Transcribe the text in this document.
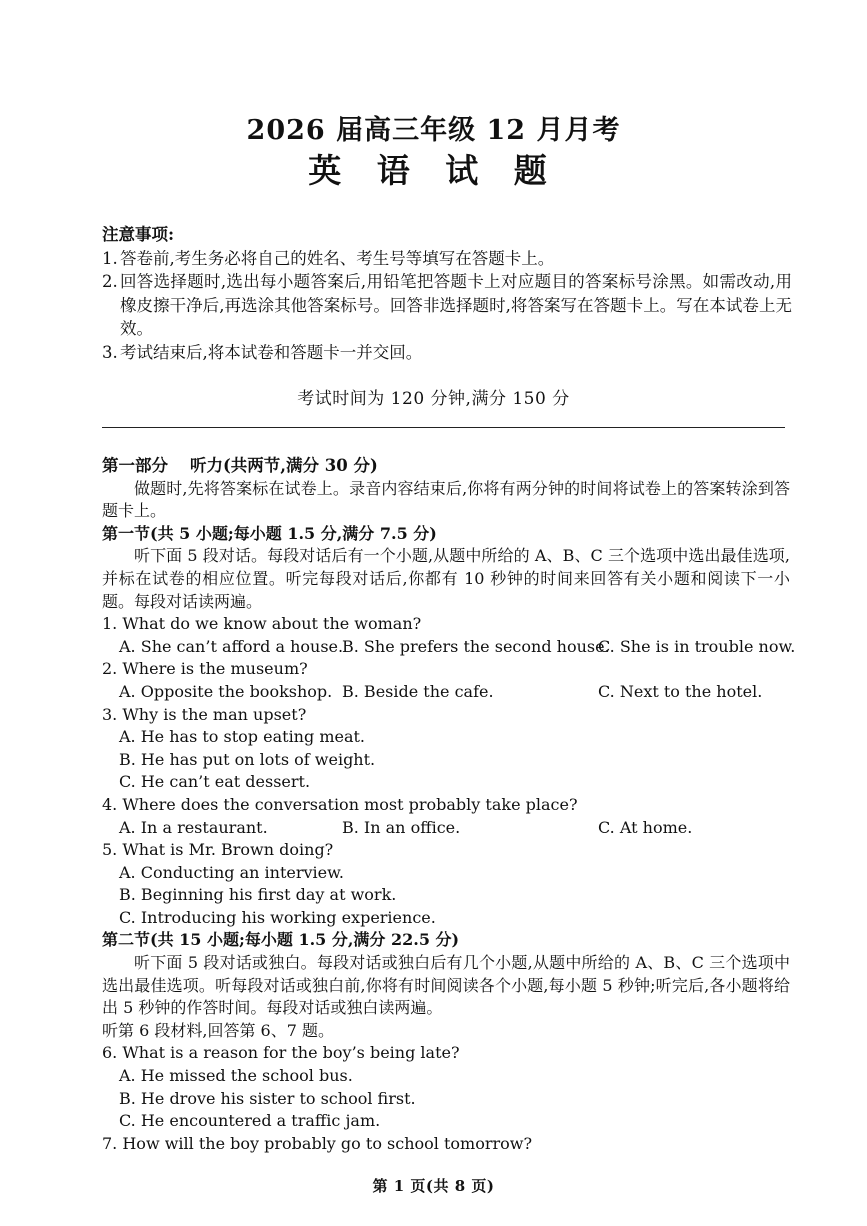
2026 届高三年级 12 月月考
英 语 试 题
注意事项:
1. 答卷前,考生务必将自己的姓名、考生号等填写在答题卡上。
2. 回答选择题时,选出每小题答案后,用铅笔把答题卡上对应题目的答案标号涂黑。如需改动,用橡皮擦干净后,再选涂其他答案标号。回答非选择题时,将答案写在答题卡上。写在本试卷上无效。
3. 考试结束后,将本试卷和答题卡一并交回。
考试时间为 120 分钟,满分 150 分
第一部分 听力(共两节,满分 30 分)
做题时,先将答案标在试卷上。录音内容结束后,你将有两分钟的时间将试卷上的答案转涂到答题卡上。
第一节(共 5 小题;每小题 1.5 分,满分 7.5 分)
听下面 5 段对话。每段对话后有一个小题,从题中所给的 A、B、C 三个选项中选出最佳选项,并标在试卷的相应位置。听完每段对话后,你都有 10 秒钟的时间来回答有关小题和阅读下一小题。每段对话读两遍。
1. What do we know about the woman?
A. She can’t afford a house.
B. She prefers the second house.
C. She is in trouble now.
2. Where is the museum?
A. Opposite the bookshop. B. Beside the cafe.	C. Next to the hotel.
3. Why is the man upset?
A. He has to stop eating meat.
B. He has put on lots of weight.
C. He can’t eat dessert.
4. Where does the conversation most probably take place?
A. In a restaurant.	B. In an office.	C. At home.
5. What is Mr. Brown doing?
A. Conducting an interview.
B. Beginning his first day at work.
C. Introducing his working experience.
第二节(共 15 小题;每小题 1.5 分,满分 22.5 分)
听下面 5 段对话或独白。每段对话或独白后有几个小题,从题中所给的 A、B、C 三个选项中选出最佳选项。听每段对话或独白前,你将有时间阅读各个小题,每小题 5 秒钟;听完后,各小题将给出 5 秒钟的作答时间。每段对话或独白读两遍。
听第 6 段材料,回答第 6、7 题。
6. What is a reason for the boy’s being late?
A. He missed the school bus.
B. He drove his sister to school first.
C. He encountered a traffic jam.
7. How will the boy probably go to school tomorrow?
第 1 页(共 8 页)
